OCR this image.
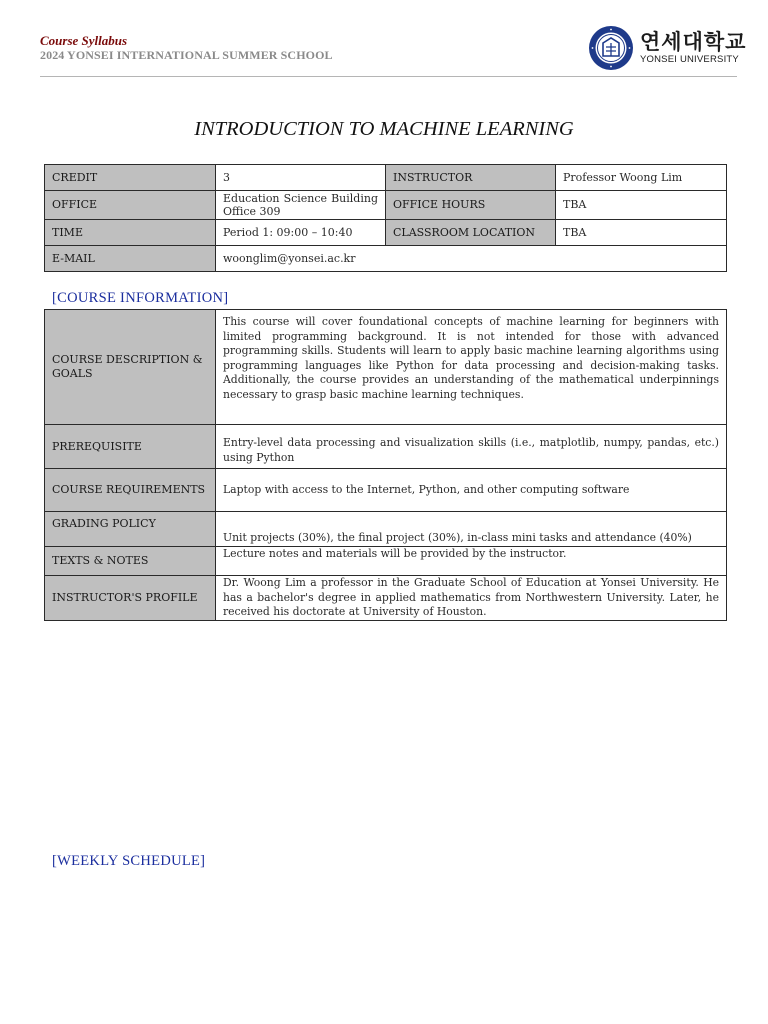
Course Syllabus
2024 YONSEI INTERNATIONAL SUMMER SCHOOL
연세대학교
YONSEI UNIVERSITY
INTRODUCTION TO MACHINE LEARNING
CREDIT	3	INSTRUCTOR	Professor Woong Lim
OFFICE	Education Science Building Office 309	OFFICE HOURS	TBA
TIME	Period 1: 09:00 – 10:40	CLASSROOM LOCATION	TBA
E-MAIL	woonglim@yonsei.ac.kr		
[COURSE INFORMATION]
COURSE DESCRIPTION & GOALS	This course will cover foundational concepts of machine learning for beginners with limited programming background. It is not intended for those with advanced programming skills. Students will learn to apply basic machine learning algorithms using programming languages like Python for data processing and decision-making tasks. Additionally, the course provides an understanding of the mathematical underpinnings necessary to grasp basic machine learning techniques.
PREREQUISITE	Entry-level data processing and visualization skills (i.e., matplotlib, numpy, pandas, etc.) using Python
COURSE REQUIREMENTS	Laptop with access to the Internet, Python, and other computing software
GRADING POLICY	Unit projects (30%), the final project (30%), in-class mini tasks and attendance (40%)
TEXTS & NOTES	Lecture notes and materials will be provided by the instructor.
INSTRUCTOR'S PROFILE	Dr. Woong Lim a professor in the Graduate School of Education at Yonsei University. He has a bachelor's degree in applied mathematics from Northwestern University. Later, he received his doctorate at University of Houston.
[WEEKLY SCHEDULE]
